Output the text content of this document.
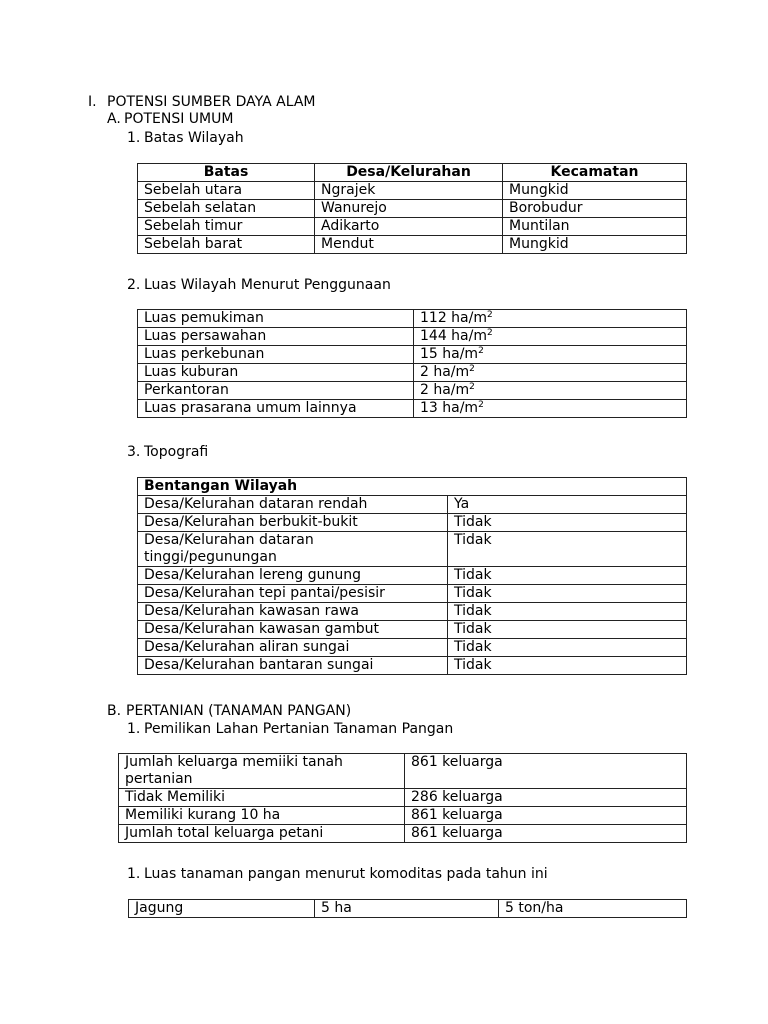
I. POTENSI SUMBER DAYA ALAM
A. POTENSI UMUM
1. Batas Wilayah
Batas	Desa/Kelurahan	Kecamatan
Sebelah utara	Ngrajek	Mungkid
Sebelah selatan	Wanurejo	Borobudur
Sebelah timur	Adikarto	Muntilan
Sebelah barat	Mendut	Mungkid
2. Luas Wilayah Menurut Penggunaan
Luas pemukiman	112 $ha/m^2$
Luas persawahan	144 $ha/m^2$
Luas perkebunan	15 $ha/m^2$
Luas kuburan	2 $ha/m^2$
Perkantoran	2 $ha/m^2$
Luas prasarana umum lainnya	13 $ha/m^2$
3. Topografi
Bentangan Wilayah	
Desa/Kelurahan dataran rendah	Ya
Desa/Kelurahan berbukit-bukit	Tidak

Desa/Kelurahan dataran
tinggi/pegunungan	Tidak
Desa/Kelurahan lereng gunung	Tidak
Desa/Kelurahan tepi pantai/pesisir	Tidak
Desa/Kelurahan kawasan rawa	Tidak
Desa/Kelurahan kawasan gambut	Tidak
Desa/Kelurahan aliran sungai	Tidak
Desa/Kelurahan bantaran sungai	Tidak
B. PERTANIAN (TANAMAN PANGAN)
1. Pemilikan Lahan Pertanian Tanaman Pangan
Jumlah keluarga memiiki tanah
pertanian	861 keluarga
Tidak Memiliki	286 keluarga
Memiliki kurang 10 ha	861 keluarga
Jumlah total keluarga petani	861 keluarga
1. Luas tanaman pangan menurut komoditas pada tahun ini
Jagung	5 ha	5 ton/ha
